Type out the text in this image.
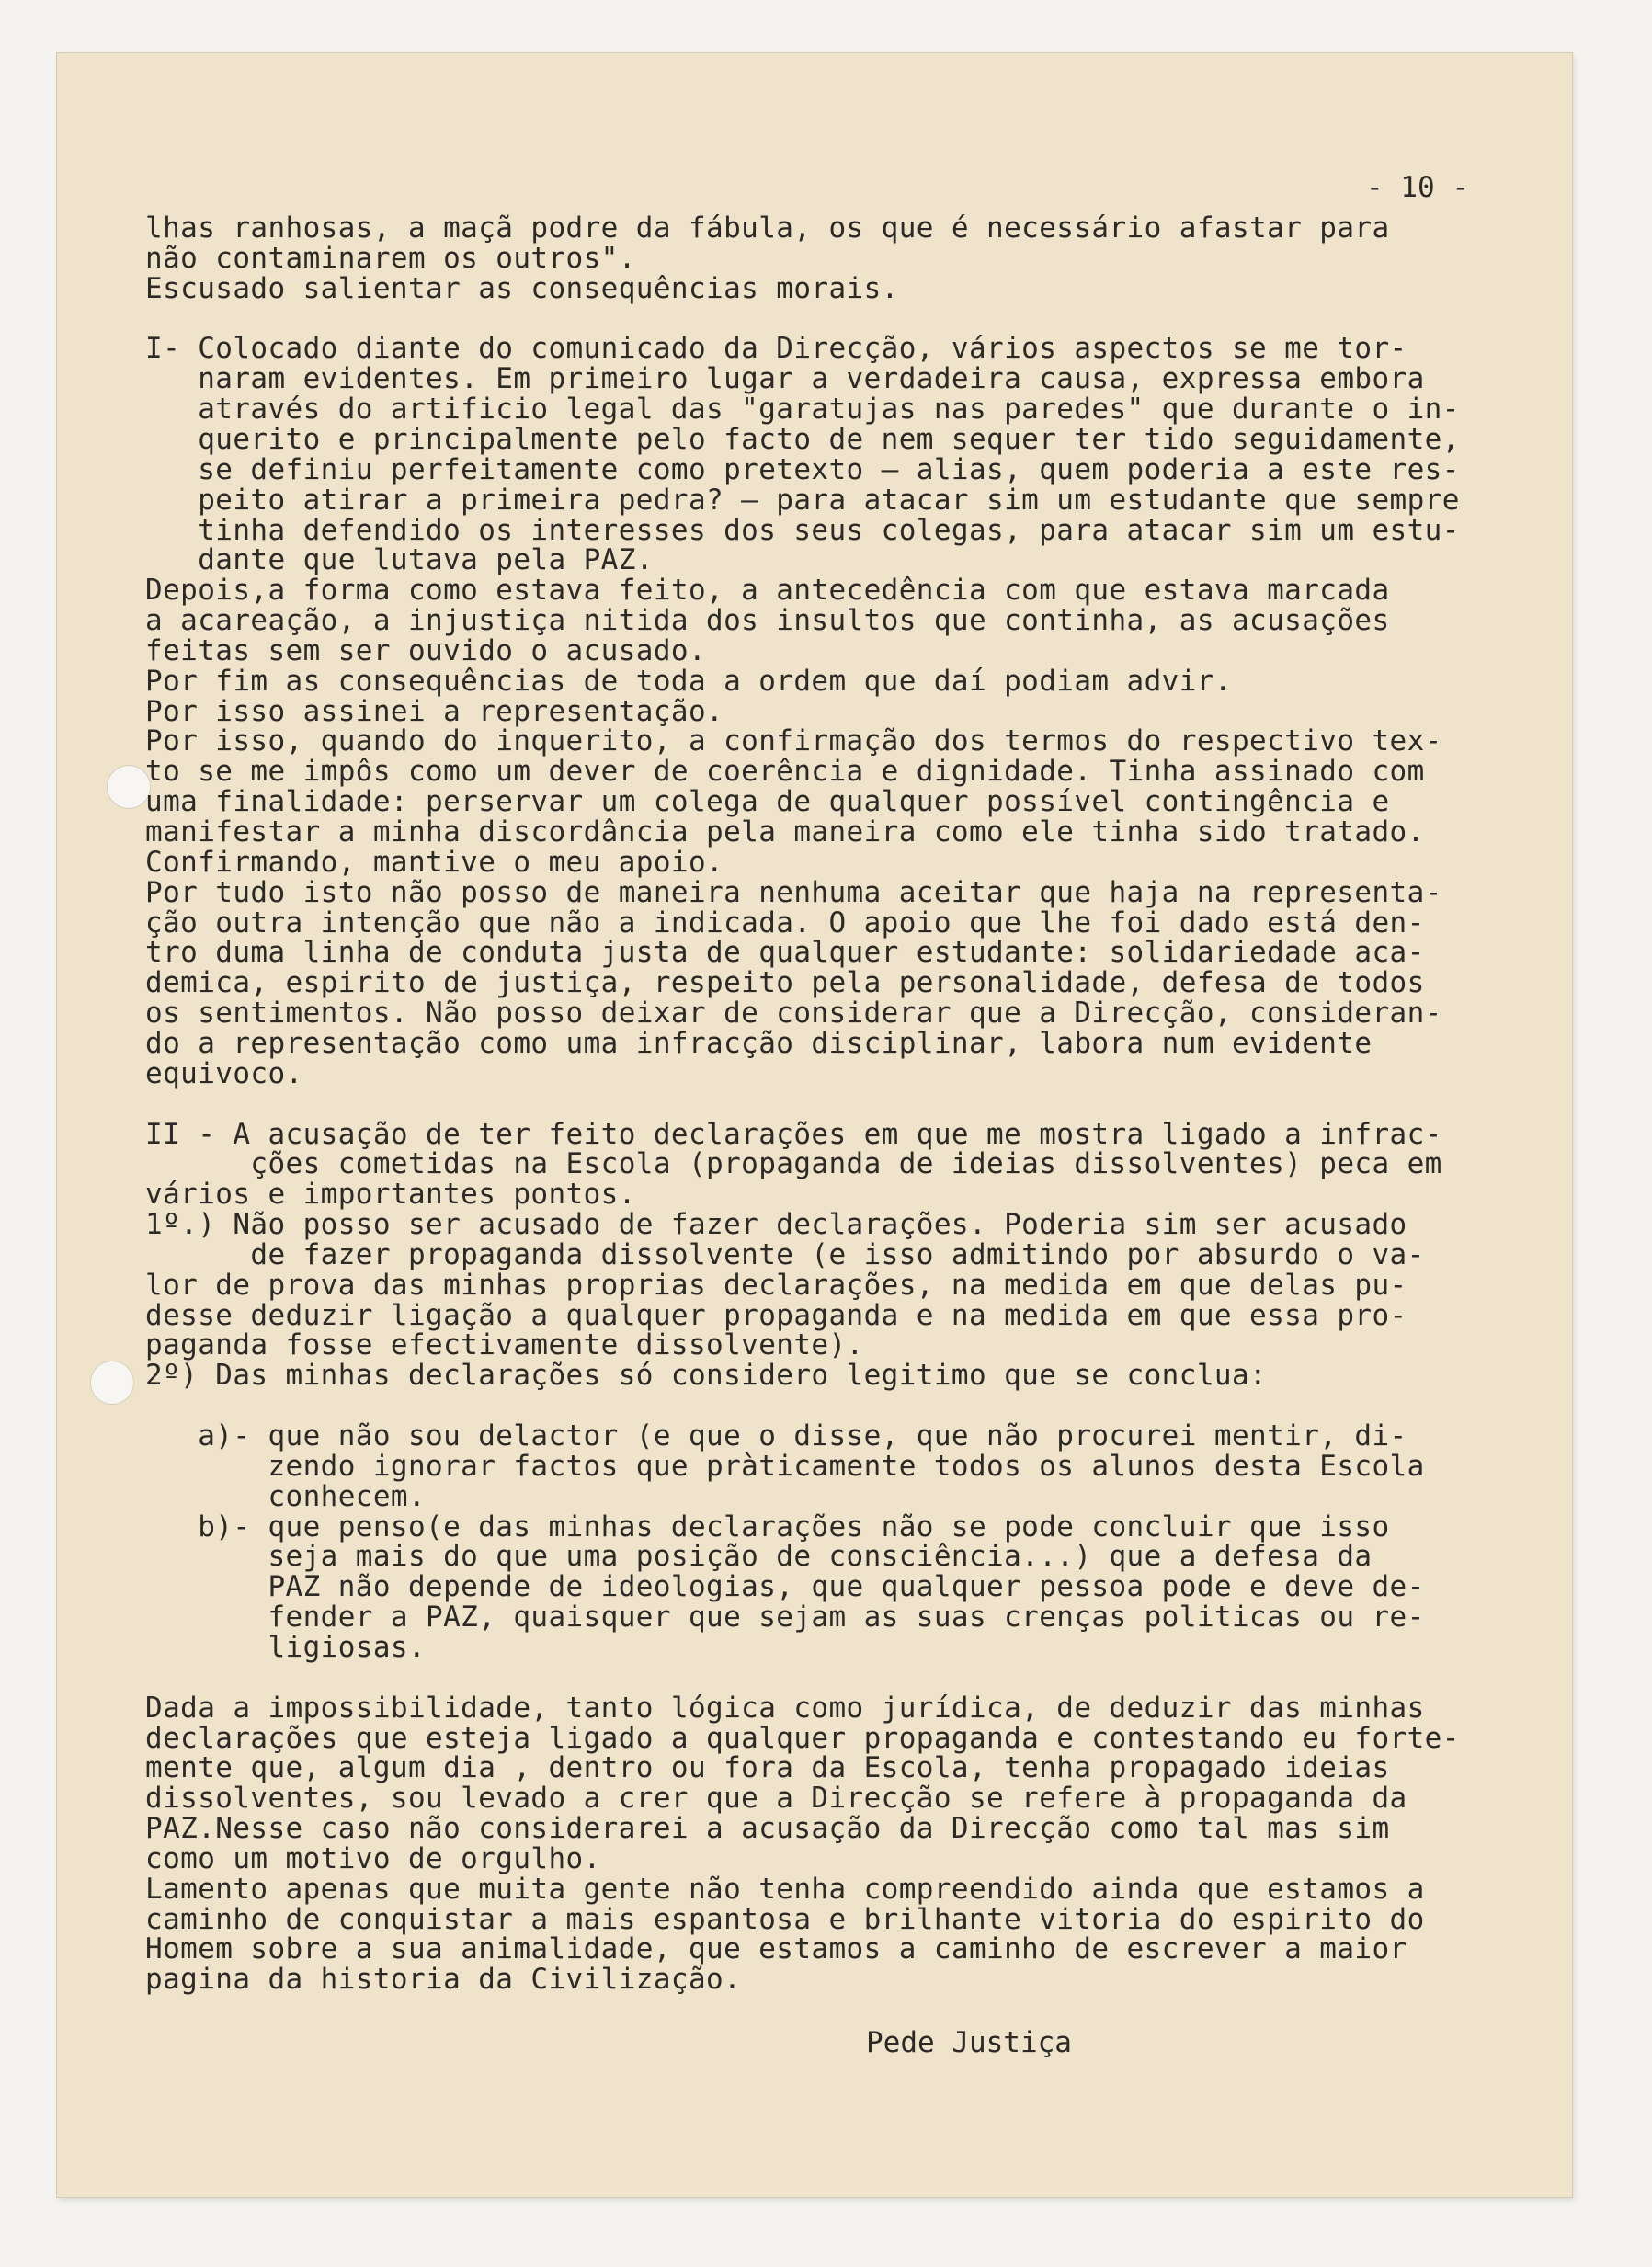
- 10 -
lhas ranhosas, a maçã podre da fábula, os que é necessário afastar para
não contaminarem os outros".
Escusado salientar as consequências morais.
I- Colocado diante do comunicado da Direcção, vários aspectos se me tor-
naram evidentes. Em primeiro lugar a verdadeira causa, expressa embora
através do artificio legal das "garatujas nas paredes" que durante o in-
querito e principalmente pelo facto de nem sequer ter tido seguidamente,
se definiu perfeitamente como pretexto — alias, quem poderia a este res-
peito atirar a primeira pedra? — para atacar sim um estudante que sempre
tinha defendido os interesses dos seus colegas, para atacar sim um estu-
dante que lutava pela PAZ.
Depois,a forma como estava feito, a antecedência com que estava marcada
a acareação, a injustiça nitida dos insultos que continha, as acusações
feitas sem ser ouvido o acusado.
Por fim as consequências de toda a ordem que daí podiam advir.
Por isso assinei a representação.
Por isso, quando do inquerito, a confirmação dos termos do respectivo tex-
to se me impôs como um dever de coerência e dignidade. Tinha assinado com
uma finalidade: perservar um colega de qualquer possível contingência e
manifestar a minha discordância pela maneira como ele tinha sido tratado.
Confirmando, mantive o meu apoio.
Por tudo isto não posso de maneira nenhuma aceitar que haja na representa-
ção outra intenção que não a indicada. O apoio que lhe foi dado está den-
tro duma linha de conduta justa de qualquer estudante: solidariedade aca-
demica, espirito de justiça, respeito pela personalidade, defesa de todos
os sentimentos. Não posso deixar de considerar que a Direcção, consideran-
do a representação como uma infracção disciplinar, labora num evidente
equivoco.
II - A acusação de ter feito declarações em que me mostra ligado a infrac-
ções cometidas na Escola (propaganda de ideias dissolventes) peca em
vários e importantes pontos.
1º.) Não posso ser acusado de fazer declarações. Poderia sim ser acusado
de fazer propaganda dissolvente (e isso admitindo por absurdo o va-
lor de prova das minhas proprias declarações, na medida em que delas pu-
desse deduzir ligação a qualquer propaganda e na medida em que essa pro-
paganda fosse efectivamente dissolvente).
2º) Das minhas declarações só considero legitimo que se conclua:
a)- que não sou delactor (e que o disse, que não procurei mentir, di-
zendo ignorar factos que pràticamente todos os alunos desta Escola
conhecem.
b)- que penso(e das minhas declarações não se pode concluir que isso
seja mais do que uma posição de consciência...) que a defesa da
PAZ não depende de ideologias, que qualquer pessoa pode e deve de-
fender a PAZ, quaisquer que sejam as suas crenças politicas ou re-
ligiosas.
Dada a impossibilidade, tanto lógica como jurídica, de deduzir das minhas
declarações que esteja ligado a qualquer propaganda e contestando eu forte-
mente que, algum dia , dentro ou fora da Escola, tenha propagado ideias
dissolventes, sou levado a crer que a Direcção se refere à propaganda da
PAZ.Nesse caso não considerarei a acusação da Direcção como tal mas sim
como um motivo de orgulho.
Lamento apenas que muita gente não tenha compreendido ainda que estamos a
caminho de conquistar a mais espantosa e brilhante vitoria do espirito do
Homem sobre a sua animalidade, que estamos a caminho de escrever a maior
pagina da historia da Civilização.
Pede Justiça
